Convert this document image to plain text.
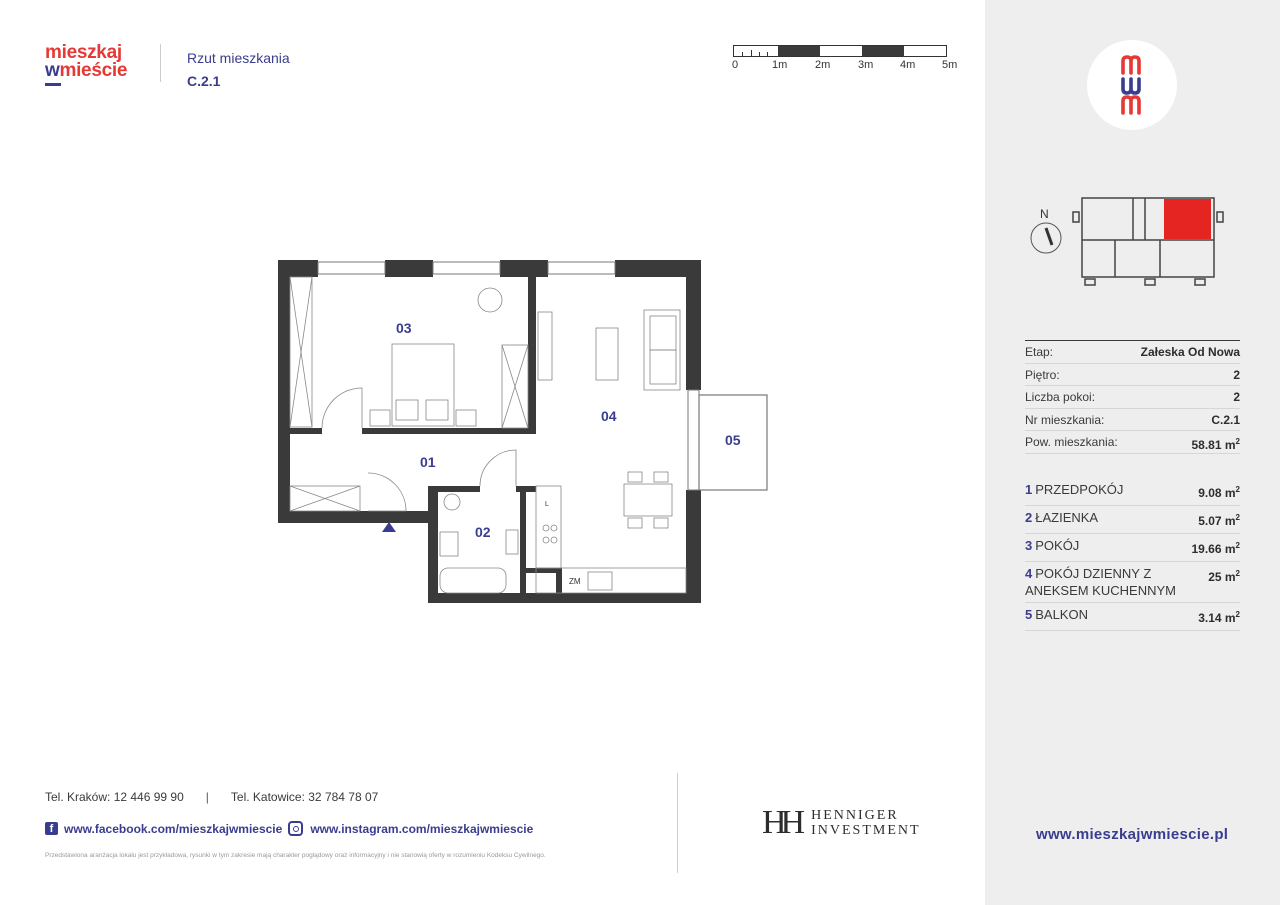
mieszkaj
wmieście
Rzut mieszkania
C.2.1
0	1m	2m	3m 4m 5m
03
04
05
01
02
ZM
L
Tel. Kraków: 12 446 99 90 | Tel. Katowice: 32 784 78 07
f www.facebook.com/mieszkajwmiescie www.instagram.com/mieszkajwmiescie
Przedstawiona aranżacja lokalu jest przykładowa, rysunki w tym zakresie mają charakter poglądowy oraz informacyjny i nie stanowią oferty w rozumieniu Kodeksu Cywilnego.
HH HENNIGER
INVESTMENT
N
Etap:	Załeska Od Nowa
Piętro:	2
Liczba pokoi:	2
Nr mieszkania:	C.2.1
Pow. mieszkania:	58.81 $m^2$
1 PRZEDPOKÓJ	9.08 $m^2$
2 ŁAZIENKA	5.07 $m^2$
3 POKÓJ	19.66 $m^2$
4 POKÓJ DZIENNY Z ANEKSEM KUCHENNYM
25 $m^2$
5 BALKON	3.14 $m^2$
www.mieszkajwmiescie.pl
